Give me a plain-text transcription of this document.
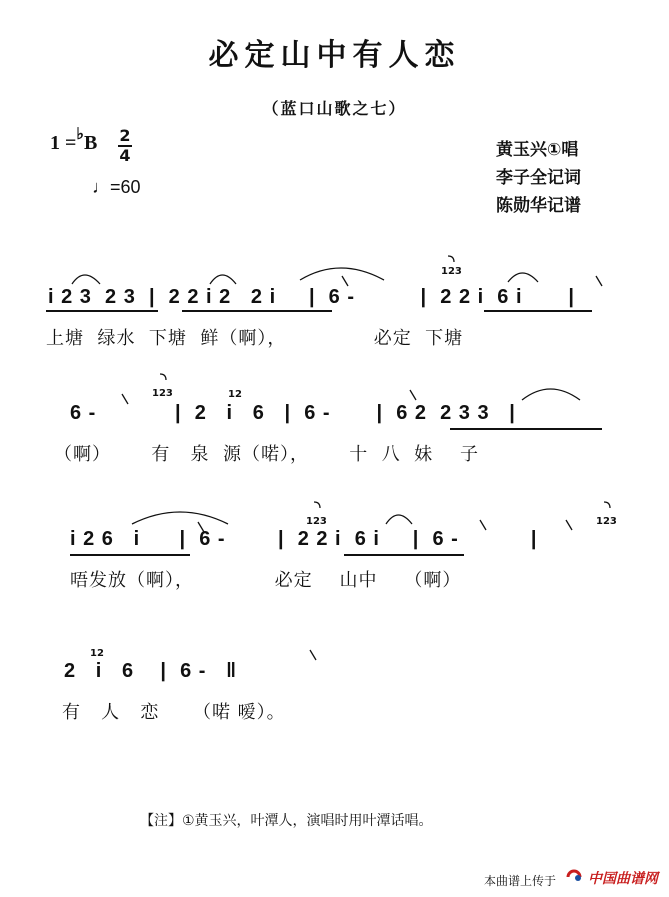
必定山中有人恋
（蓝口山歌之七）
1 =♭B 2
4
♩=60
黄玉兴①唱
李子全记词
陈勋华记谱
i 2 3  2 3  |  2 2 i 2   2 i     |  6 -          |  2 2 i  6 i       |
上塘  绿水  下塘  鲜（啊），             必定  下塘
6 -            |  2   i   6   |  6 -       |  6 2  2 3 3   |
（啊）      有   泉  源（喏），      十  八  妹    子
i 2 6   i      |  6 -        |  2 2 i  6 i     |  6 -           |
唔发放（啊），            必定    山中    （啊）
2   i   6    |  6 -   ‖
有   人   恋     （喏 嗳）。
123
123	12
123	123
12
【注】①黄玉兴，叶潭人，演唱时用叶潭话唱。
本曲谱上传于 中国曲谱网
